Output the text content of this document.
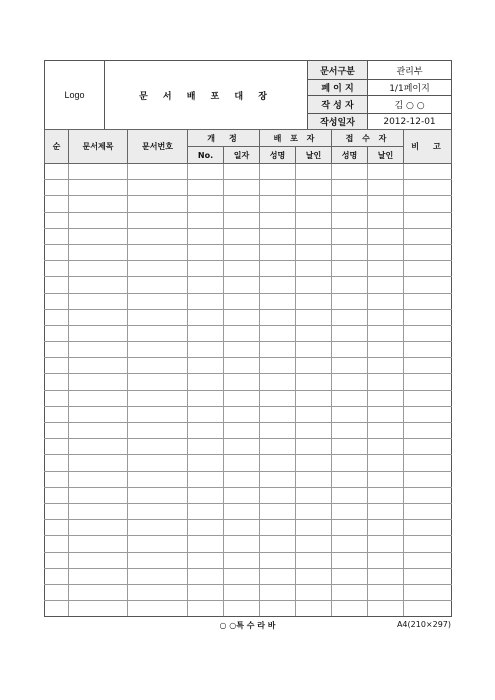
Logo	문 서 배 포 대 장	문서구분	관리부
		페 이 지	1/1페이지
		작 성 자	김 ○ ○
		작성일자	2012-12-01
순	문서제목	문서번호	개　정		배 포 자		접 수 자		비　고
			No.	일자	성명	날인	성명	날인	

○ ○특 수 라 바	A4(210×297)
